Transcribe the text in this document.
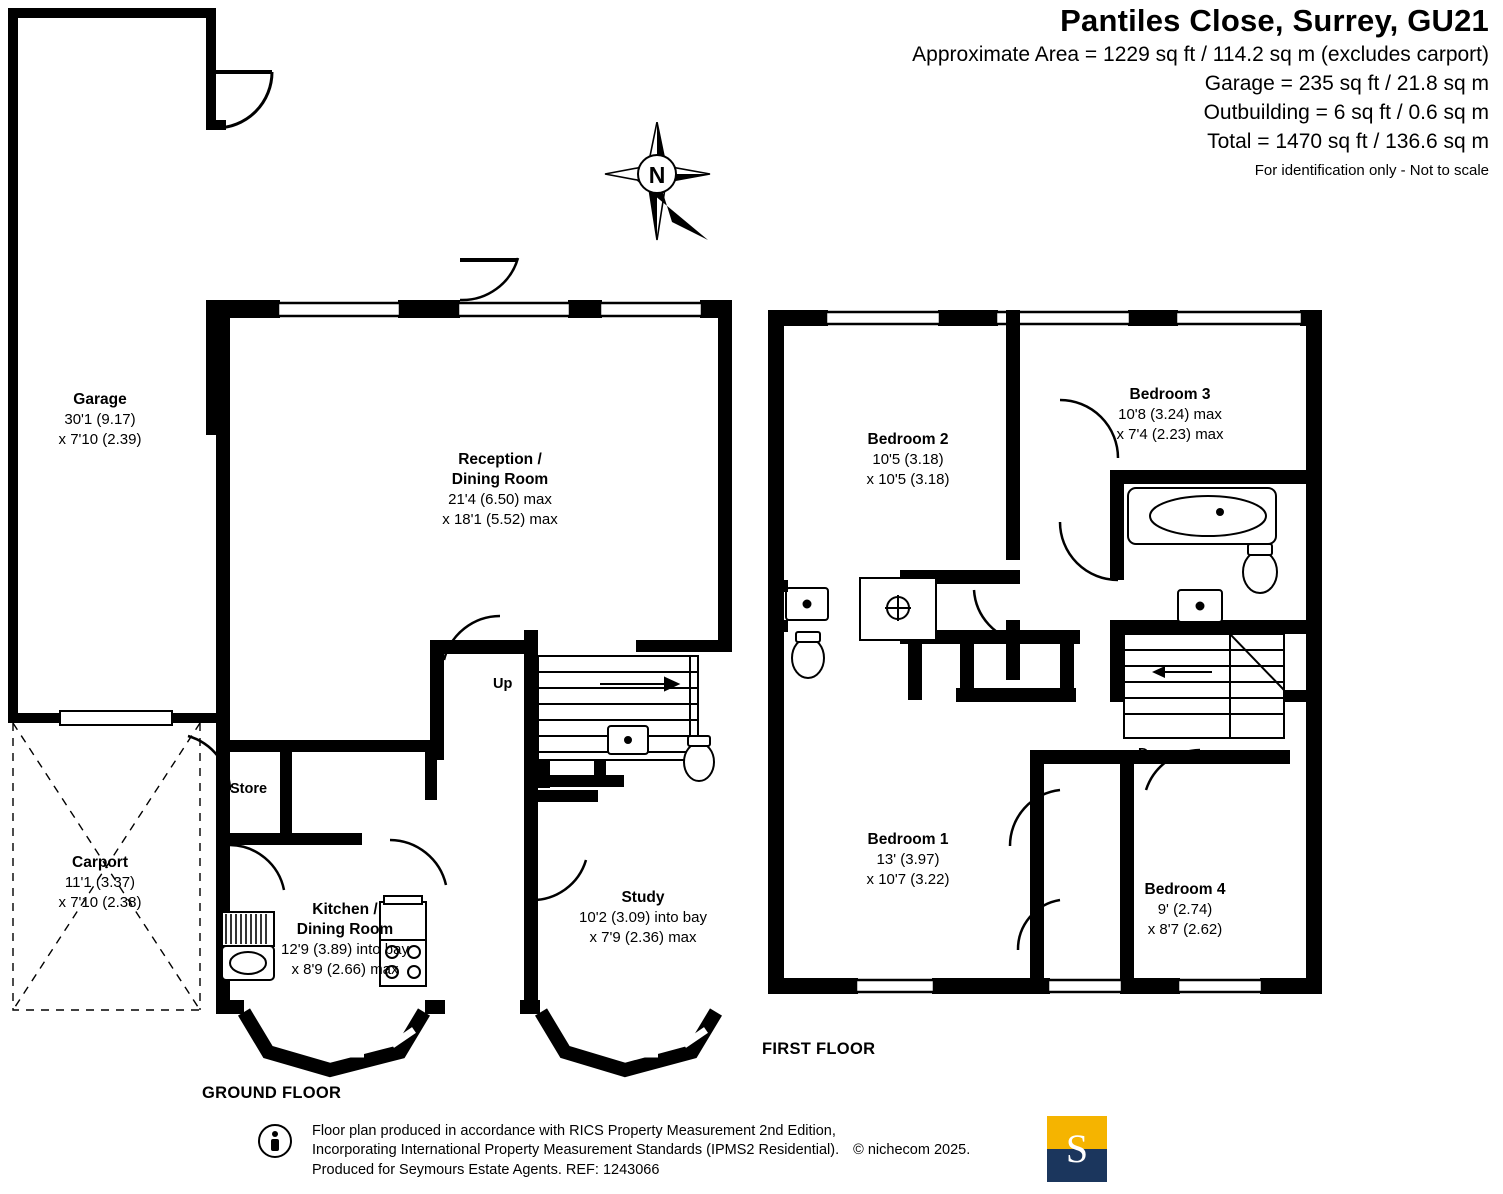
Pantiles Close, Surrey, GU21
Approximate Area = 1229 sq ft / 114.2 sq m (excludes carport)
Garage = 235 sq ft / 21.8 sq m
Outbuilding = 6 sq ft / 0.6 sq m
Total = 1470 sq ft / 136.6 sq m
For identification only - Not to scale
N
Garage
30'1 (9.17)
x 7'10 (2.39)
Carport
11'1 (3.37)
x 7'10 (2.38)
Store
Reception /
Dining Room
21'4 (6.50) max
x 18'1 (5.52) max
Kitchen /
Dining Room
12'9 (3.89) into bay
x 8'9 (2.66) max
Study
10'2 (3.09) into bay
x 7'9 (2.36) max
Up
GROUND FLOOR
Bedroom 2
10'5 (3.18)
x 10'5 (3.18)
Bedroom 3
10'8 (3.24) max
x 7'4 (2.23) max
Bedroom 1
13' (3.97)
x 10'7 (3.22)
Bedroom 4
9' (2.74)
x 8'7 (2.62)
Down
FIRST FLOOR
Floor plan produced in accordance with RICS Property Measurement 2nd Edition,
Incorporating International Property Measurement Standards (IPMS2 Residential). © nichecom 2025.
Produced for Seymours Estate Agents. REF: 1243066	S
